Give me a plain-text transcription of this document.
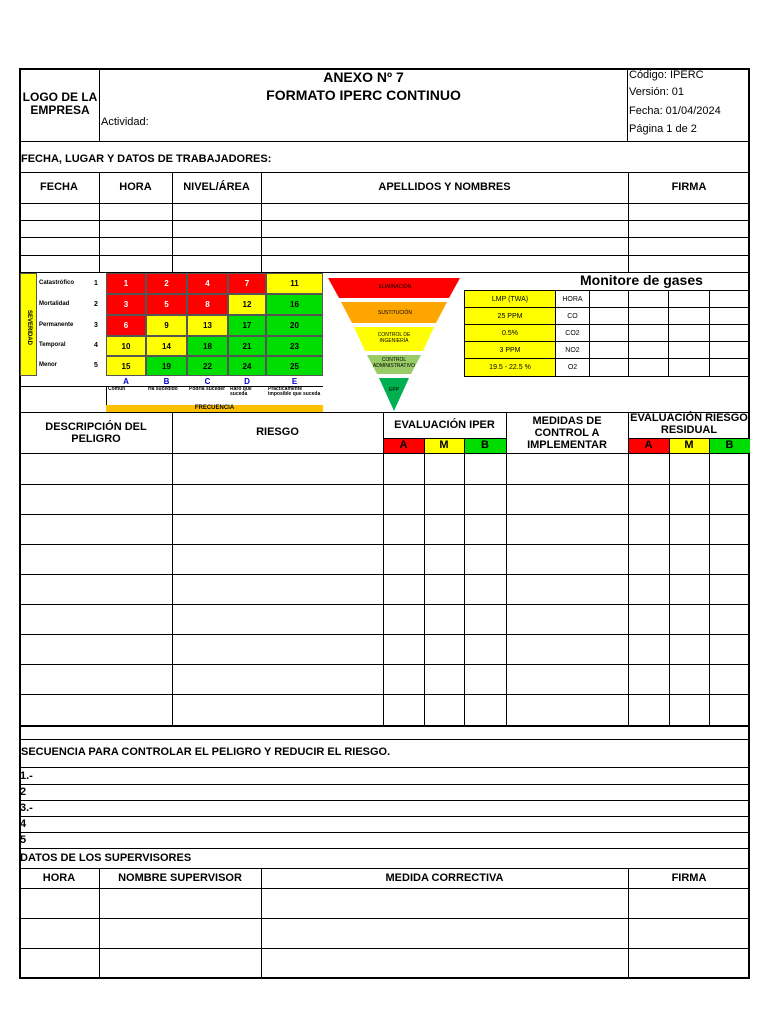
LOGO DE LA
EMPRESA
ANEXO Nº 7
FORMATO IPERC CONTINUO
Actividad:
Código: IPERC
Versión: 01
Fecha: 01/04/2024
Página 1 de 2
FECHA, LUGAR Y DATOS DE TRABAJADORES:
FECHA	HORA	NIVEL/ÁREA	APELLIDOS Y NOMBRES	FIRMA
SEVERIDAD
FRECUENCIA
ELIMINACIÓN
SUSTITUCIÓN
CONTROL DE INGENIERÍA
CONTROL ADMINISTRATIVO
EPP
Monitore de gases
DESCRIPCIÓN DEL PELIGRO
RIESGO
EVALUACIÓN IPER	MEDIDAS DE CONTROL A IMPLEMENTAR
EVALUACIÓN RIESGO RESIDUAL
A	M	B	A	M	B
SECUENCIA PARA CONTROLAR EL PELIGRO Y REDUCIR EL RIESGO.
1.-
2
3.-
4
5
DATOS DE LOS SUPERVISORES
HORA	NOMBRE SUPERVISOR	MEDIDA CORRECTIVA	FIRMA
Catastrófico	1	1	2	4	7	11
Mortalidad	2	3	5	8	12	16
Permanente	3	6	9	13	17	20
Temporal	4	10	14	18	21	23
Menor	5	15	19	22	24	25
A
Común
B
Ha sucedido
C
Podría suceder
D
Raro que suceda
E
Prácticamente imposible que suceda
LMP (TWA)	HORA
25 PPM	CO
0.5%	CO2
3 PPM	NO2
19.5 - 22.5 %	O2
